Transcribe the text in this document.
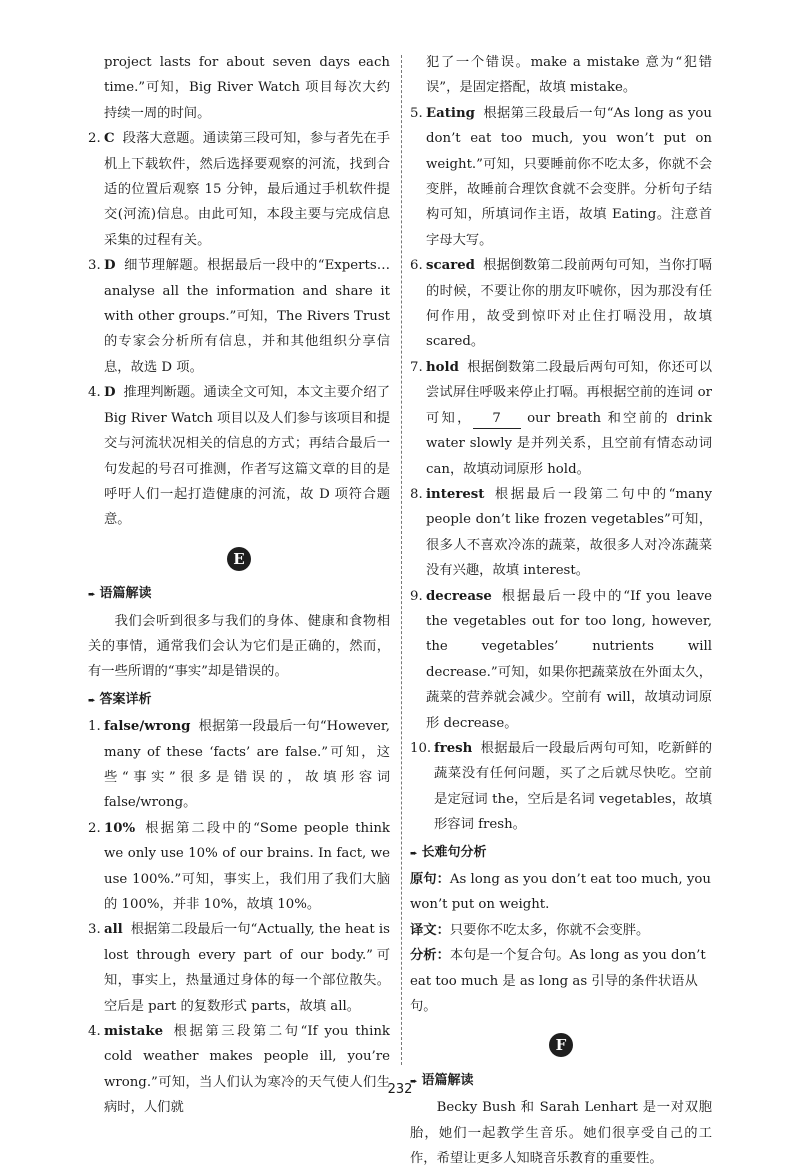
project lasts for about seven days each time.”可知，Big River Watch 项目每次大约持续一周的时间。
2. C 段落大意题。通读第三段可知，参与者先在手机上下载软件，然后选择要观察的河流，找到合适的位置后观察 15 分钟，最后通过手机软件提交(河流)信息。由此可知，本段主要与完成信息采集的过程有关。
3. D 细节理解题。根据最后一段中的“Experts…analyse all the information and share it with other groups.”可知，The Rivers Trust 的专家会分析所有信息，并和其他组织分享信息，故选 D 项。
4. D 推理判断题。通读全文可知，本文主要介绍了 Big River Watch 项目以及人们参与该项目和提交与河流状况相关的信息的方式；再结合最后一句发起的号召可推测，作者写这篇文章的目的是呼吁人们一起打造健康的河流，故 D 项符合题意。
E
➨ 语篇解读
我们会听到很多与我们的身体、健康和食物相关的事情，通常我们会认为它们是正确的，然而，有一些所谓的“事实”却是错误的。
➨ 答案详析
1. false/wrong 根据第一段最后一句“However, many of these ‘facts’ are false.”可知，这些“事实”很多是错误的，故填形容词 false/wrong。
2. 10% 根据第二段中的“Some people think we only use 10% of our brains. In fact, we use 100%.”可知，事实上，我们用了我们大脑的 100%，并非 10%，故填 10%。
3. all 根据第二段最后一句“Actually, the heat is lost through every part of our body.”可知，事实上，热量通过身体的每一个部位散失。空后是 part 的复数形式 parts，故填 all。
4. mistake 根据第三段第二句“If you think cold weather makes people ill, you’re wrong.”可知，当人们认为寒冷的天气使人们生病时，人们就
犯了一个错误。make a mistake 意为“犯错误”，是固定搭配，故填 mistake。
5. Eating 根据第三段最后一句“As long as you don’t eat too much, you won’t put on weight.”可知，只要睡前你不吃太多，你就不会变胖，故睡前合理饮食就不会变胖。分析句子结构可知，所填词作主语，故填 Eating。注意首字母大写。
6. scared 根据倒数第二段前两句可知，当你打嗝的时候，不要让你的朋友吓唬你，因为那没有任何作用，故受到惊吓对止住打嗝没用，故填 scared。
7. hold 根据倒数第二段最后两句可知，你还可以尝试屏住呼吸来停止打嗝。再根据空前的连词 or 可知， 7 our breath 和空前的 drink water slowly 是并列关系，且空前有情态动词 can，故填动词原形 hold。
8. interest 根据最后一段第二句中的“many people don’t like frozen vegetables”可知，很多人不喜欢冷冻的蔬菜，故很多人对冷冻蔬菜没有兴趣，故填 interest。
9. decrease 根据最后一段中的“If you leave the vegetables out for too long, however, the vegetables’ nutrients will decrease.”可知，如果你把蔬菜放在外面太久，蔬菜的营养就会减少。空前有 will，故填动词原形 decrease。
10. fresh 根据最后一段最后两句可知，吃新鲜的蔬菜没有任何问题，买了之后就尽快吃。空前是定冠词 the，空后是名词 vegetables，故填形容词 fresh。
➨ 长难句分析
原句：As long as you don’t eat too much, you won’t put on weight.
译文：只要你不吃太多，你就不会变胖。
分析：本句是一个复合句。As long as you don’t eat too much 是 as long as 引导的条件状语从句。
F
➨ 语篇解读
Becky Bush 和 Sarah Lenhart 是一对双胞胎，她们一起教学生音乐。她们很享受自己的工作，希望让更多人知晓音乐教育的重要性。
232
